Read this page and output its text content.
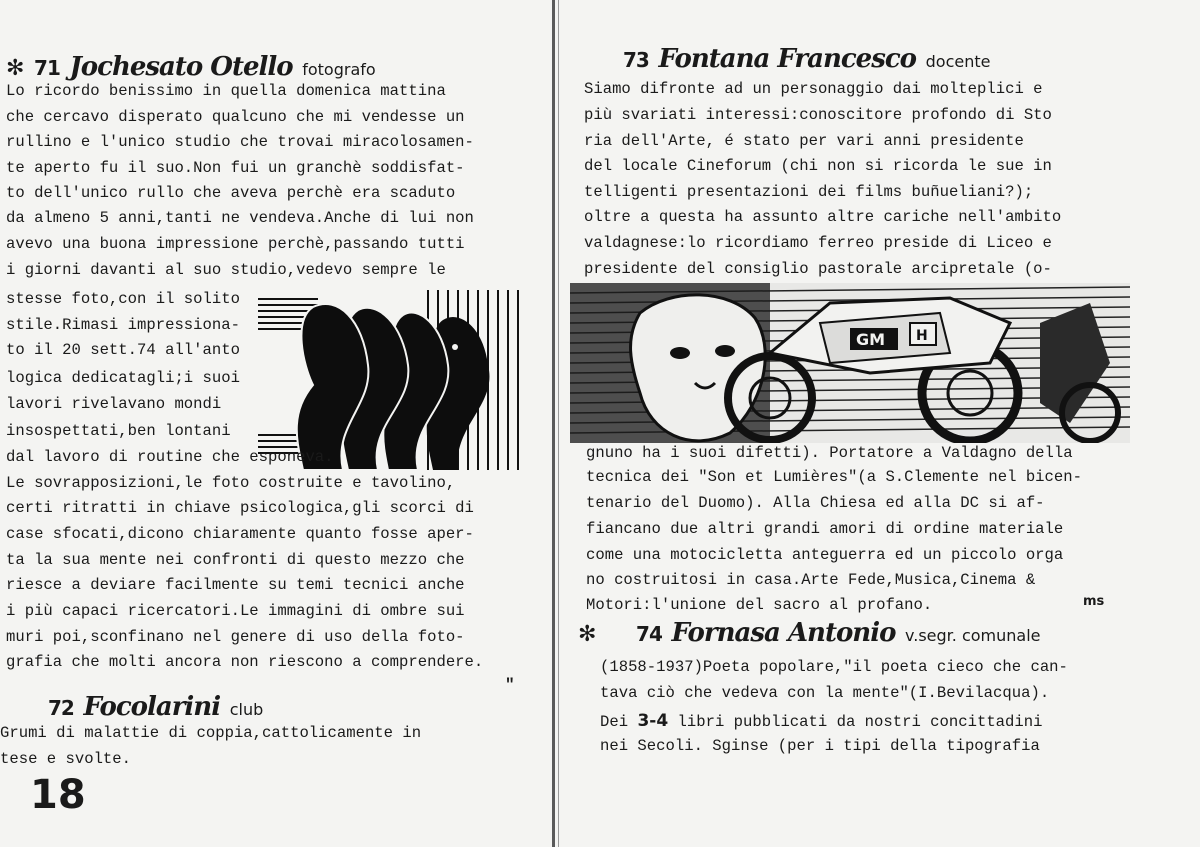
✻ 71 Jochesato Otello fotografo
Lo ricordo benissimo in quella domenica mattina
che cercavo disperato qualcuno che mi vendesse un
rullino e l'unico studio che trovai miracolosamen-
te aperto fu il suo.Non fui un granchè soddisfat-
to dell'unico rullo che aveva perchè era scaduto
da almeno 5 anni,tanti ne vendeva.Anche di lui non
avevo una buona impressione perchè,passando tutti
i giorni davanti al suo studio,vedevo sempre le
stesse foto,con il solito
stile.Rimasi impressiona-
to il 20 sett.74 all'anto
logica dedicatagli;i suoi
lavori rivelavano mondi
insospettati,ben lontani
dal lavoro di routine che esponeva.
Le sovrapposizioni,le foto costruite e tavolino,
certi ritratti in chiave psicologica,gli scorci di
case sfocati,dicono chiaramente quanto fosse aper-
ta la sua mente nei confronti di questo mezzo che
riesce a deviare facilmente su temi tecnici anche
i più capaci ricercatori.Le immagini di ombre sui
muri poi,sconfinano nel genere di uso della foto-
grafia che molti ancora non riescono a comprendere.
"
72 Focolarini club
Grumi di malattie di coppia,cattolicamente in
tese e svolte.
18
73 Fontana Francesco docente
Siamo difronte ad un personaggio dai molteplici e
più svariati interessi:conoscitore profondo di Sto
ria dell'Arte, é stato per vari anni presidente
del locale Cineforum (chi non si ricorda le sue in
telligenti presentazioni dei films buñueliani?);
oltre a questa ha assunto altre cariche nell'ambito
valdagnese:lo ricordiamo ferreo preside di Liceo e
presidente del consiglio pastorale arcipretale (o-
GM H
gnuno ha i suoi difetti). Portatore a Valdagno della
tecnica dei "Son et Lumières"(a S.Clemente nel bicen-
tenario del Duomo). Alla Chiesa ed alla DC si af-
fiancano due altri grandi amori di ordine materiale
come una motocicletta anteguerra ed un piccolo orga
no costruitosi in casa.Arte Fede,Musica,Cinema &
Motori:l'unione del sacro al profano.	ms
✻ 74 Fornasa Antonio v.segr. comunale
(1858-1937)Poeta popolare,"il poeta cieco che can-
tava ciò che vedeva con la mente"(I.Bevilacqua).
Dei 3-4 libri pubblicati da nostri concittadini
nei Secoli. Sginse (per i tipi della tipografia
